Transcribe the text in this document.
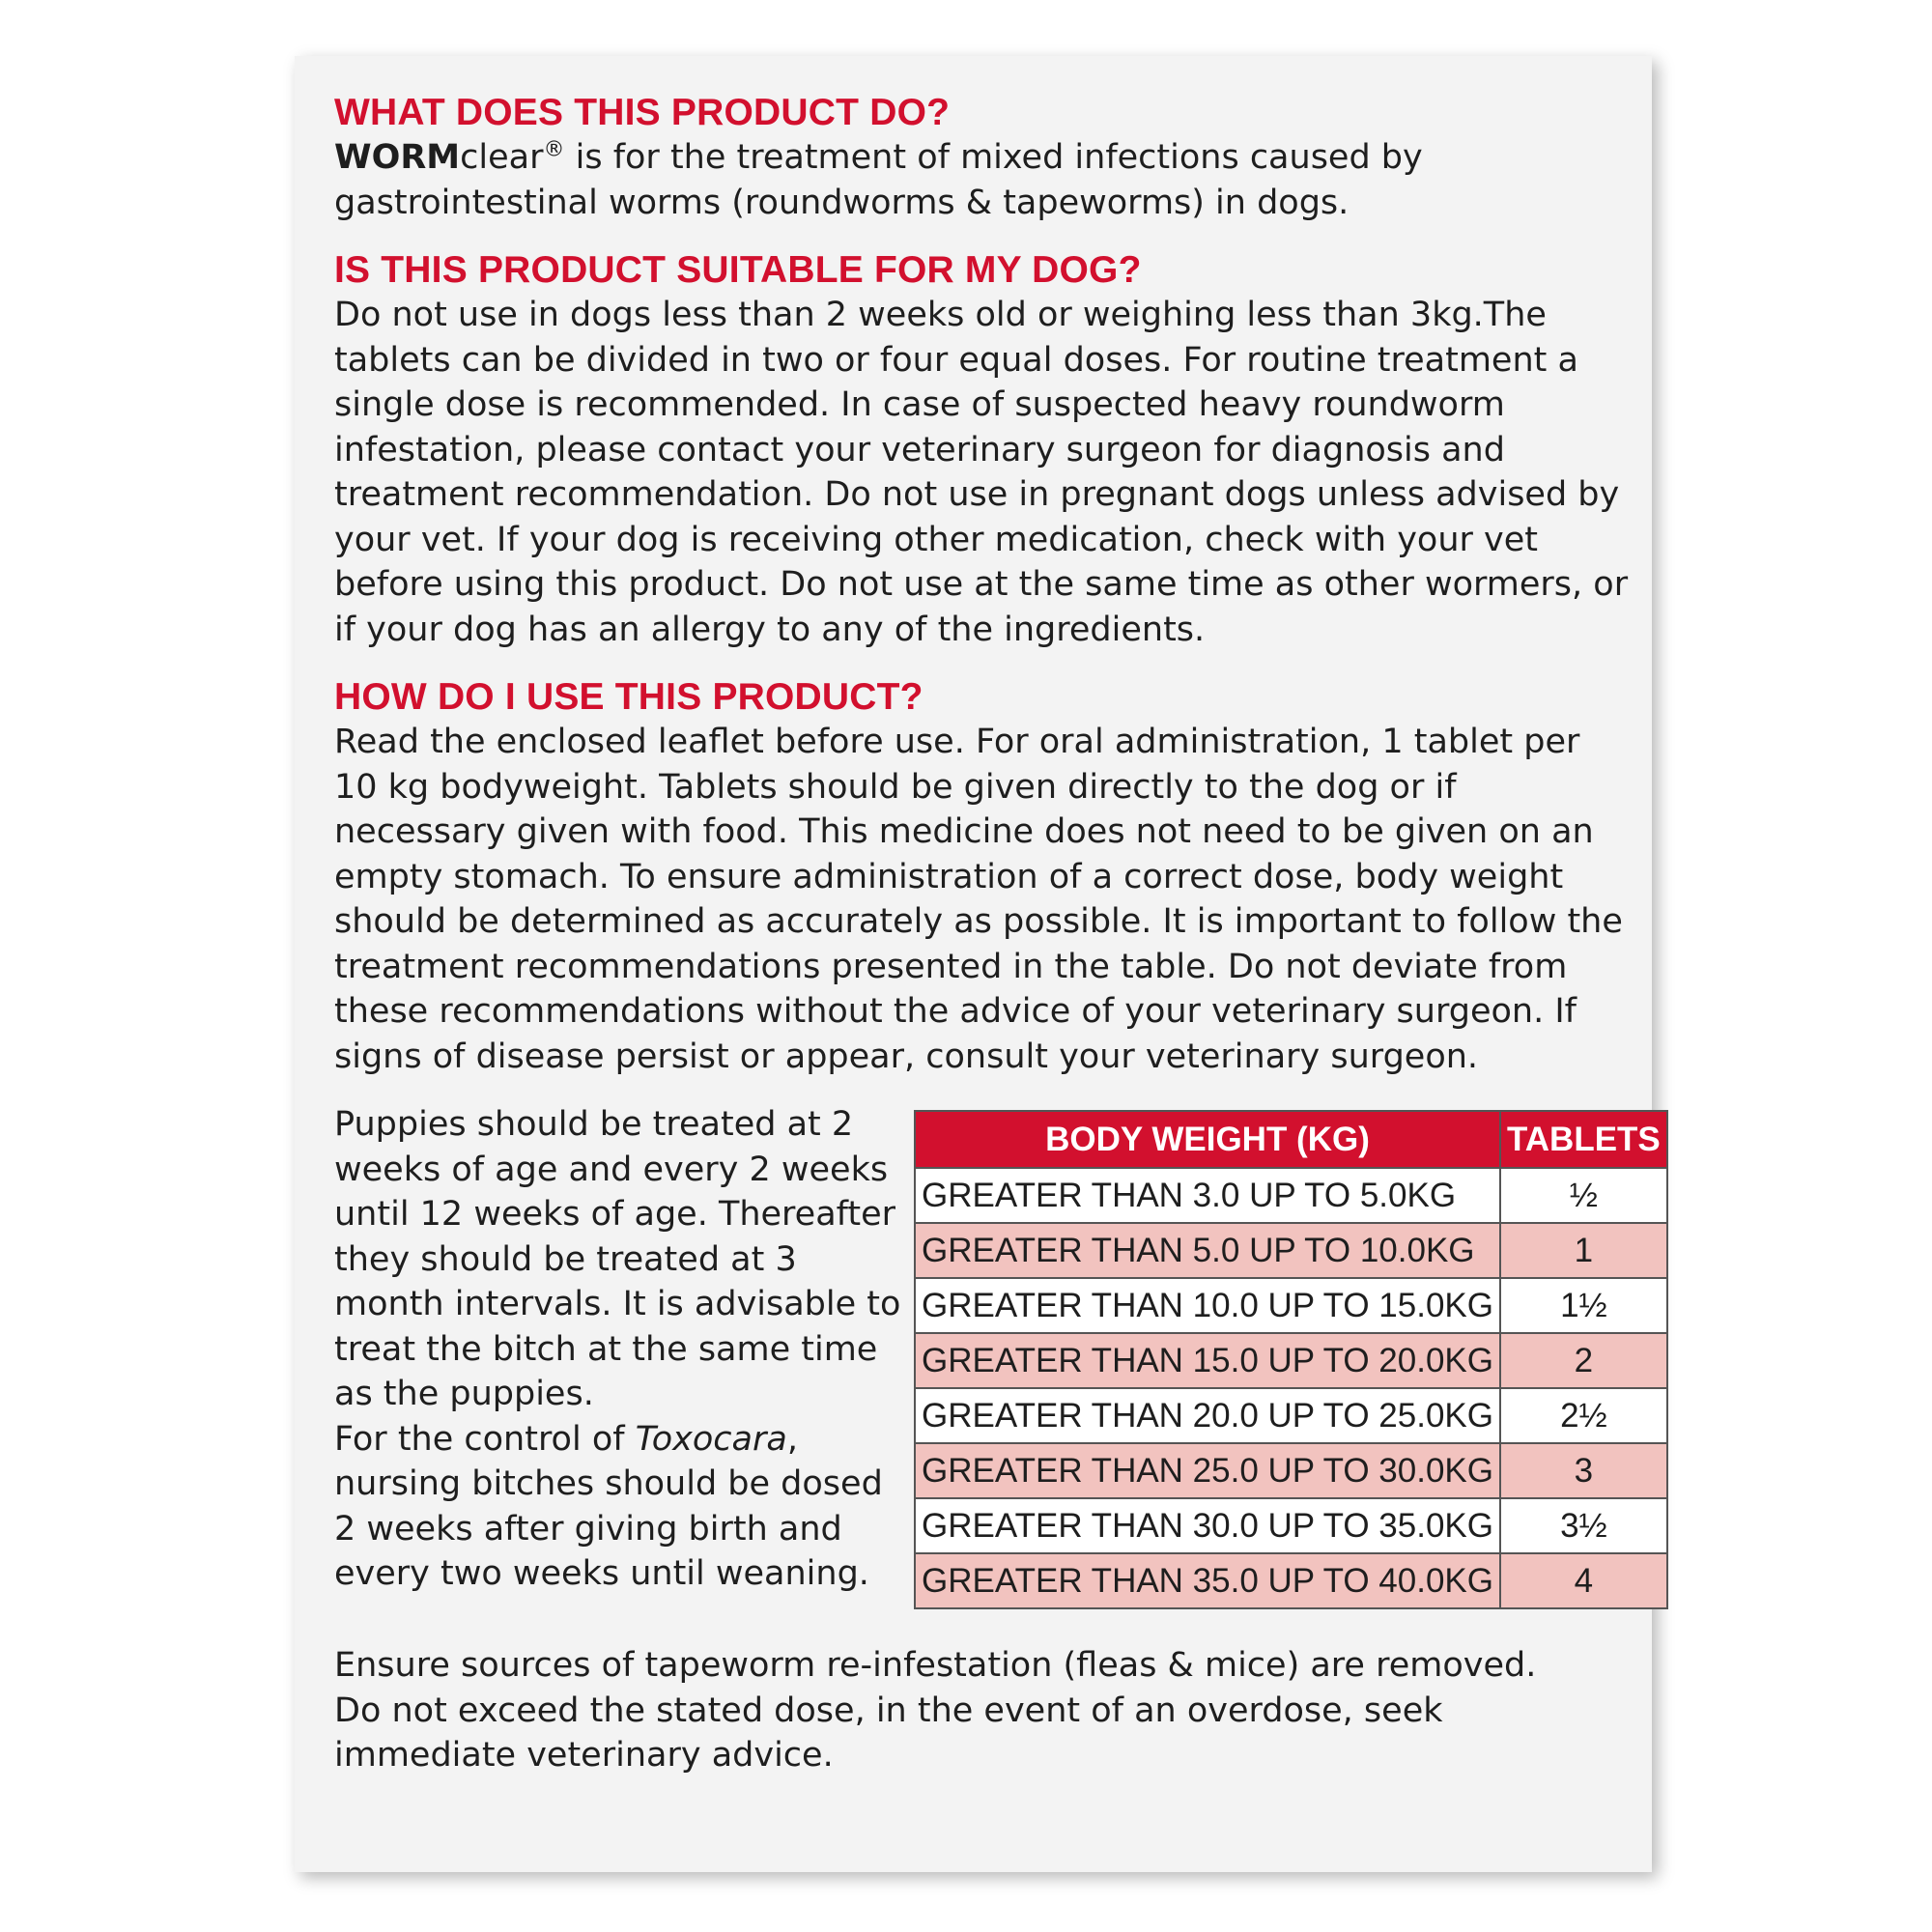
WHAT DOES THIS PRODUCT DO?

WORMclear® is for the treatment of mixed infections caused by gastrointestinal worms (roundworms & tapeworms) in dogs.

IS THIS PRODUCT SUITABLE FOR MY DOG?

Do not use in dogs less than 2 weeks old or weighing less than 3kg.The tablets can be divided in two or four equal doses. For routine treatment a single dose is recommended. In case of suspected heavy roundworm infestation, please contact your veterinary surgeon for diagnosis and treatment recommendation. Do not use in pregnant dogs unless advised by your vet. If your dog is receiving other medication, check with your vet before using this product. Do not use at the same time as other wormers, or if your dog has an allergy to any of the ingredients.

HOW DO I USE THIS PRODUCT?

Read the enclosed leaflet before use. For oral administration, 1 tablet per 10 kg bodyweight. Tablets should be given directly to the dog or if necessary given with food. This medicine does not need to be given on an empty stomach. To ensure administration of a correct dose, body weight should be determined as accurately as possible. It is important to follow the treatment recommendations presented in the table. Do not deviate from these recommendations without the advice of your veterinary surgeon. If signs of disease persist or appear, consult your veterinary surgeon.

Puppies should be treated at 2 weeks of age and every 2 weeks until 12 weeks of age. Thereafter they should be treated at 3 month intervals. It is advisable to treat the bitch at the same time as the puppies.

For the control of Toxocara, nursing bitches should be dosed 2 weeks after giving birth and every two weeks until weaning.

BODY WEIGHT (KG)	TABLETS
GREATER THAN 3.0 UP TO 5.0KG	½
GREATER THAN 5.0 UP TO 10.0KG	1
GREATER THAN 10.0 UP TO 15.0KG	1½
GREATER THAN 15.0 UP TO 20.0KG	2
GREATER THAN 20.0 UP TO 25.0KG	2½
GREATER THAN 25.0 UP TO 30.0KG	3
GREATER THAN 30.0 UP TO 35.0KG	3½
GREATER THAN 35.0 UP TO 40.0KG	4

Ensure sources of tapeworm re-infestation (fleas & mice) are removed.

Do not exceed the stated dose, in the event of an overdose, seek immediate veterinary advice.
